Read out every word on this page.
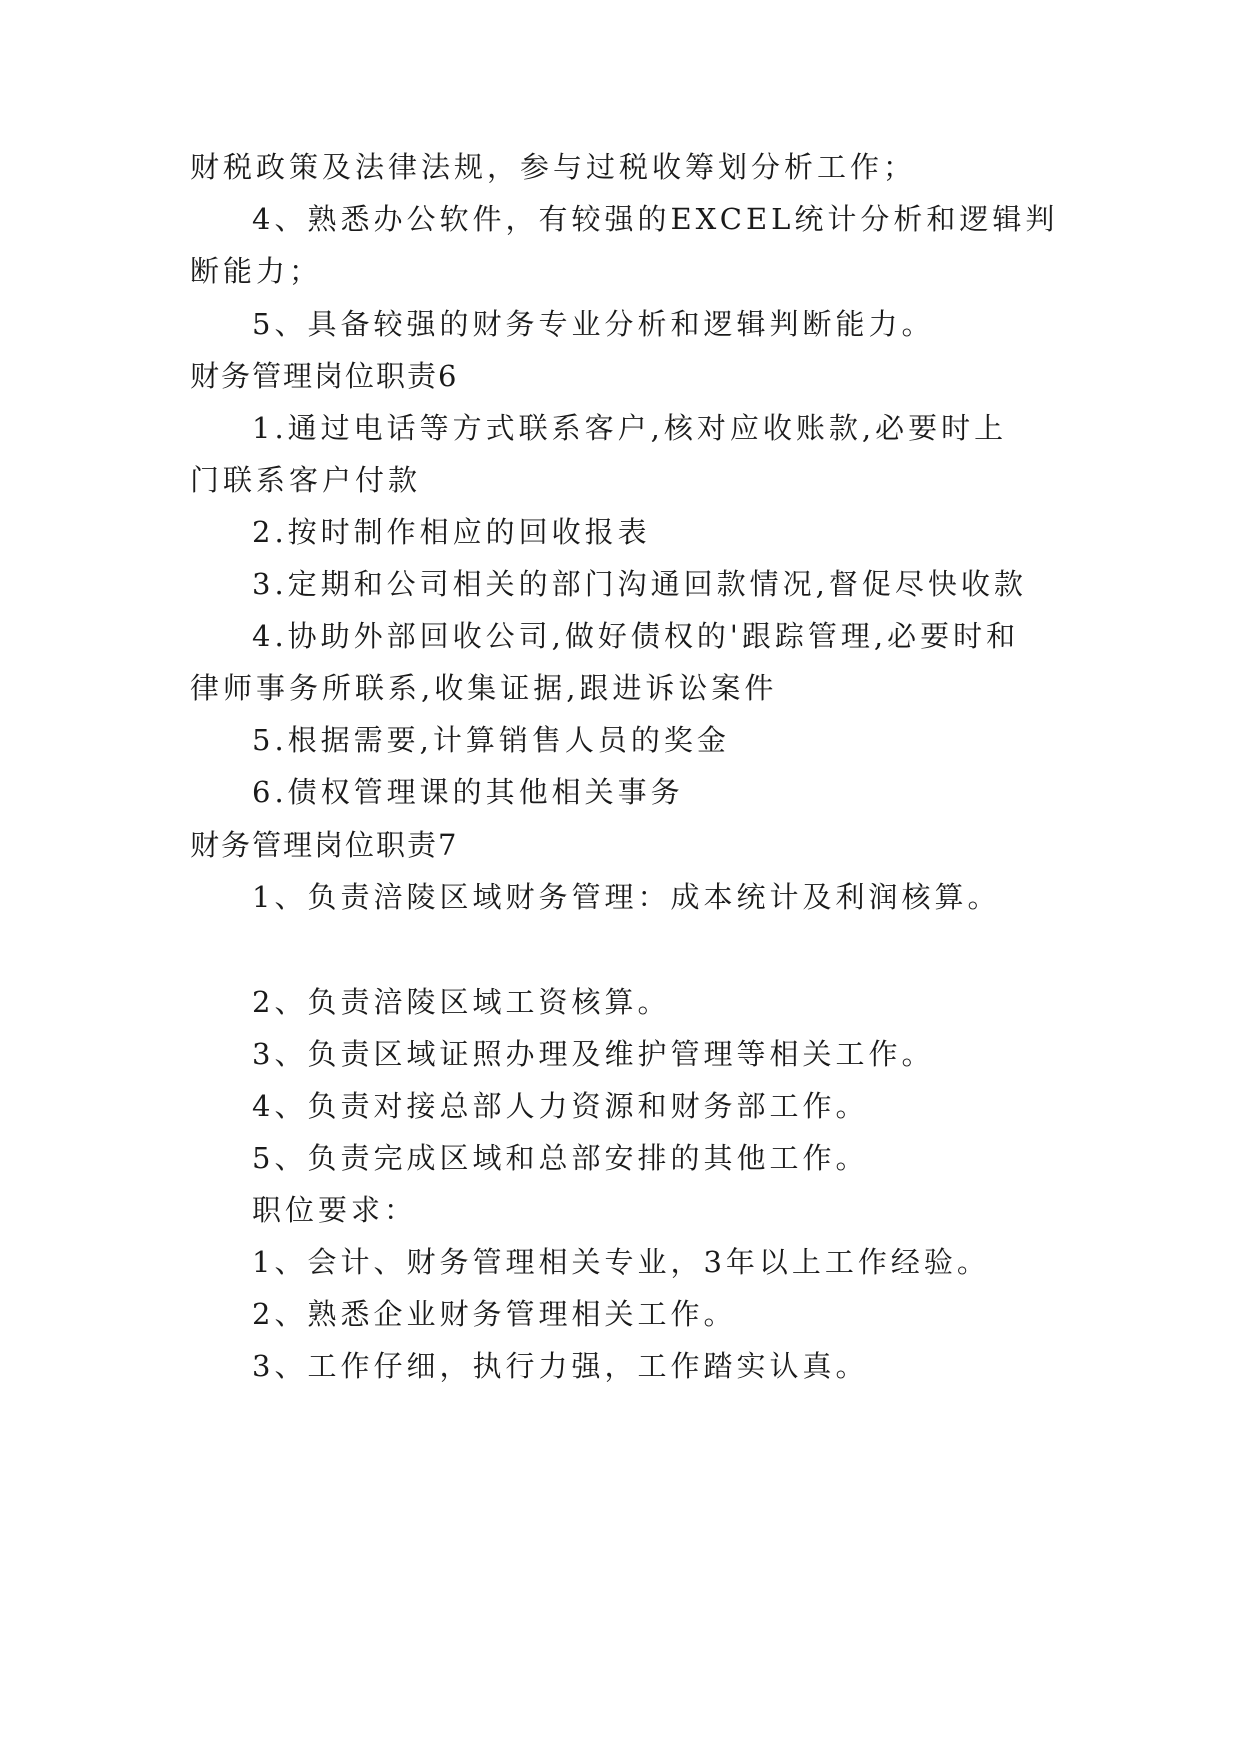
财税政策及法律法规，参与过税收筹划分析工作；
4、熟悉办公软件，有较强的EXCEL统计分析和逻辑判
断能力；
5、具备较强的财务专业分析和逻辑判断能力。
财务管理岗位职责6
1.通过电话等方式联系客户,核对应收账款,必要时上
门联系客户付款
2.按时制作相应的回收报表
3.定期和公司相关的部门沟通回款情况,督促尽快收款
4.协助外部回收公司,做好债权的'跟踪管理,必要时和
律师事务所联系,收集证据,跟进诉讼案件
5.根据需要,计算销售人员的奖金
6.债权管理课的其他相关事务
财务管理岗位职责7
1、负责涪陵区域财务管理：成本统计及利润核算。
2、负责涪陵区域工资核算。
3、负责区域证照办理及维护管理等相关工作。
4、负责对接总部人力资源和财务部工作。
5、负责完成区域和总部安排的其他工作。
职位要求：
1、会计、财务管理相关专业，3年以上工作经验。
2、熟悉企业财务管理相关工作。
3、工作仔细，执行力强，工作踏实认真。
